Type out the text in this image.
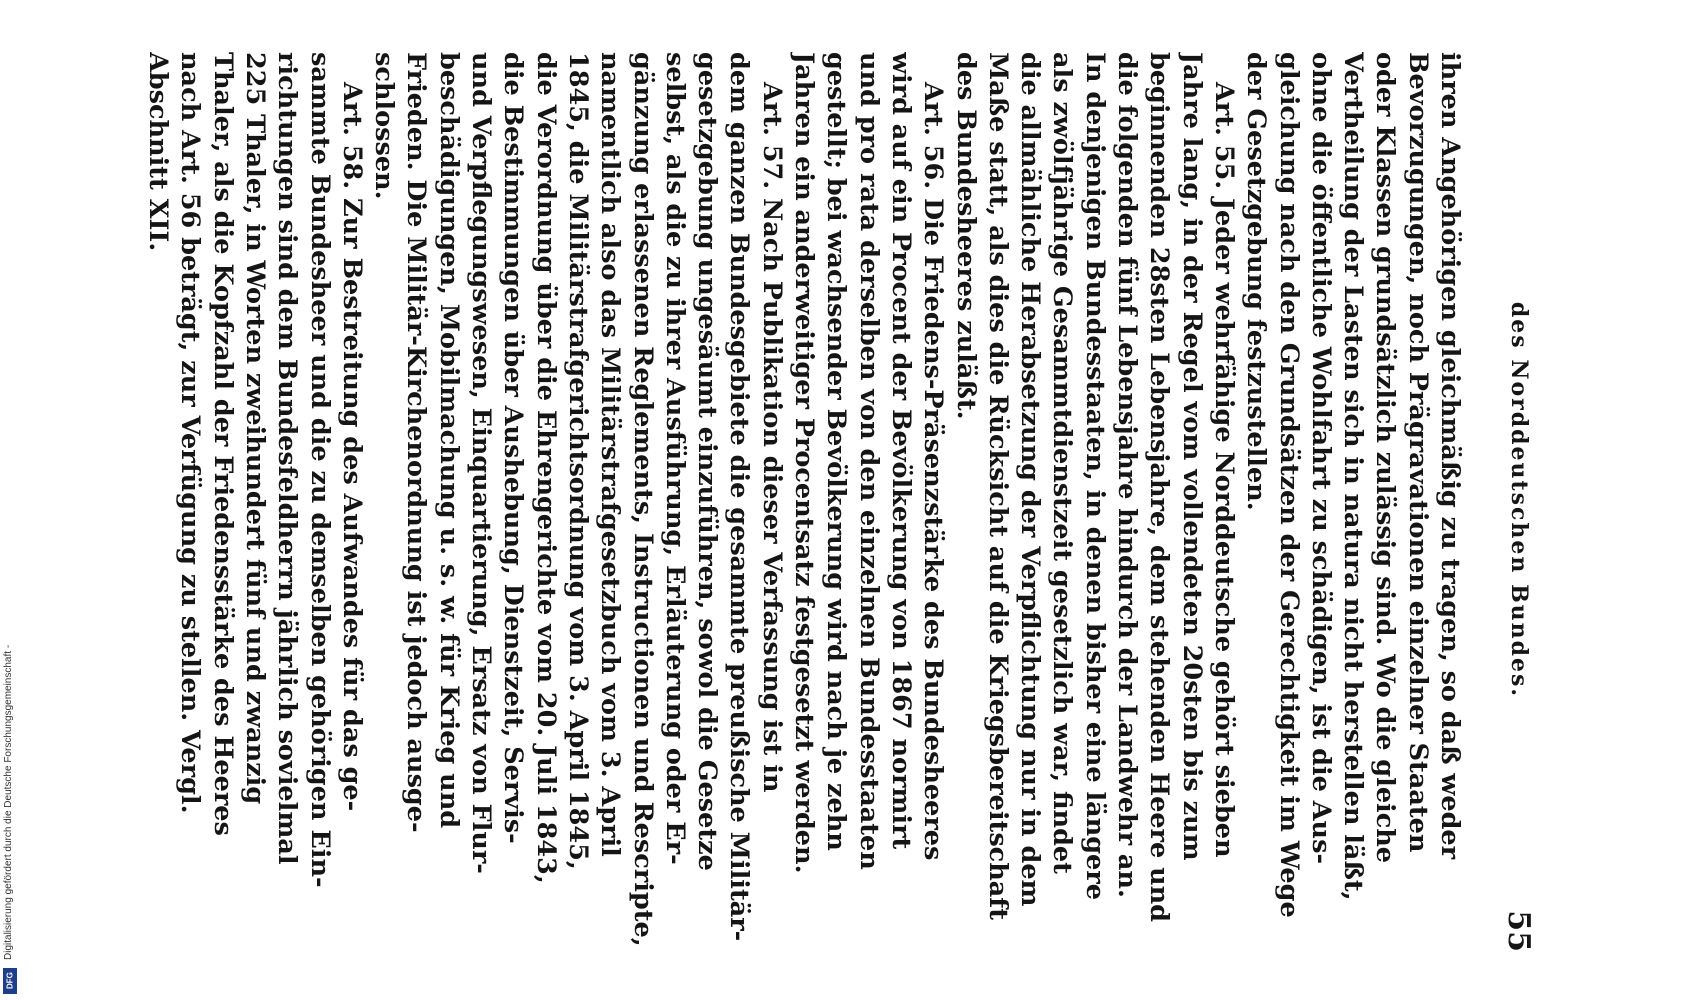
des Norddeutschen Bundes.
55
ihren Angehörigen gleichmäßig zu tragen, so daß weder
Bevorzugungen, noch Prägravationen einzelner Staaten
oder Klassen grundsätzlich zulässig sind. Wo die gleiche
Vertheilung der Lasten sich in natura nicht herstellen läßt,
ohne die öffentliche Wohlfahrt zu schädigen, ist die Aus-
gleichung nach den Grundsätzen der Gerechtigkeit im Wege
der Gesetzgebung festzustellen.
Art. 55. Jeder wehrfähige Norddeutsche gehört sieben
Jahre lang, in der Regel vom vollendeten 20sten bis zum
beginnenden 28sten Lebensjahre, dem stehenden Heere und
die folgenden fünf Lebensjahre hindurch der Landwehr an.
In denjenigen Bundesstaaten, in denen bisher eine längere
als zwölfjährige Gesammtdienstzeit gesetzlich war, findet
die allmähliche Herabsetzung der Verpflichtung nur in dem
Maße statt, als dies die Rücksicht auf die Kriegsbereitschaft
des Bundesheeres zuläßt.
Art. 56. Die Friedens-Präsenzstärke des Bundesheeres
wird auf ein Procent der Bevölkerung von 1867 normirt
und pro rata derselben von den einzelnen Bundesstaaten
gestellt; bei wachsender Bevölkerung wird nach je zehn
Jahren ein anderweitiger Procentsatz festgesetzt werden.
Art. 57. Nach Publikation dieser Verfassung ist in
dem ganzen Bundesgebiete die gesammte preußische Militär-
gesetzgebung ungesäumt einzuführen, sowol die Gesetze
selbst, als die zu ihrer Ausführung, Erläuterung oder Er-
gänzung erlassenen Reglements, Instructionen und Rescripte,
namentlich also das Militärstrafgesetzbuch vom 3. April
1845, die Militärstrafgerichtsordnung vom 3. April 1845,
die Verordnung über die Ehrengerichte vom 20. Juli 1843,
die Bestimmungen über Aushebung, Dienstzeit, Servis-
und Verpflegungswesen, Einquartierung, Ersatz von Flur-
beschädigungen, Mobilmachung u. s. w. für Krieg und
Frieden. Die Militär-Kirchenordnung ist jedoch ausge-
schlossen.
Art. 58. Zur Bestreitung des Aufwandes für das ge-
sammte Bundesheer und die zu demselben gehörigen Ein-
richtungen sind dem Bundesfeldherrn jährlich sovielmal
225 Thaler, in Worten zweihundert fünf und zwanzig
Thaler, als die Kopfzahl der Friedensstärke des Heeres
nach Art. 56 beträgt, zur Verfügung zu stellen. Vergl.
Abschnitt XII.
Digitalisierung gefördert durch die Deutsche Forschungsgemeinschaft -
DFG
